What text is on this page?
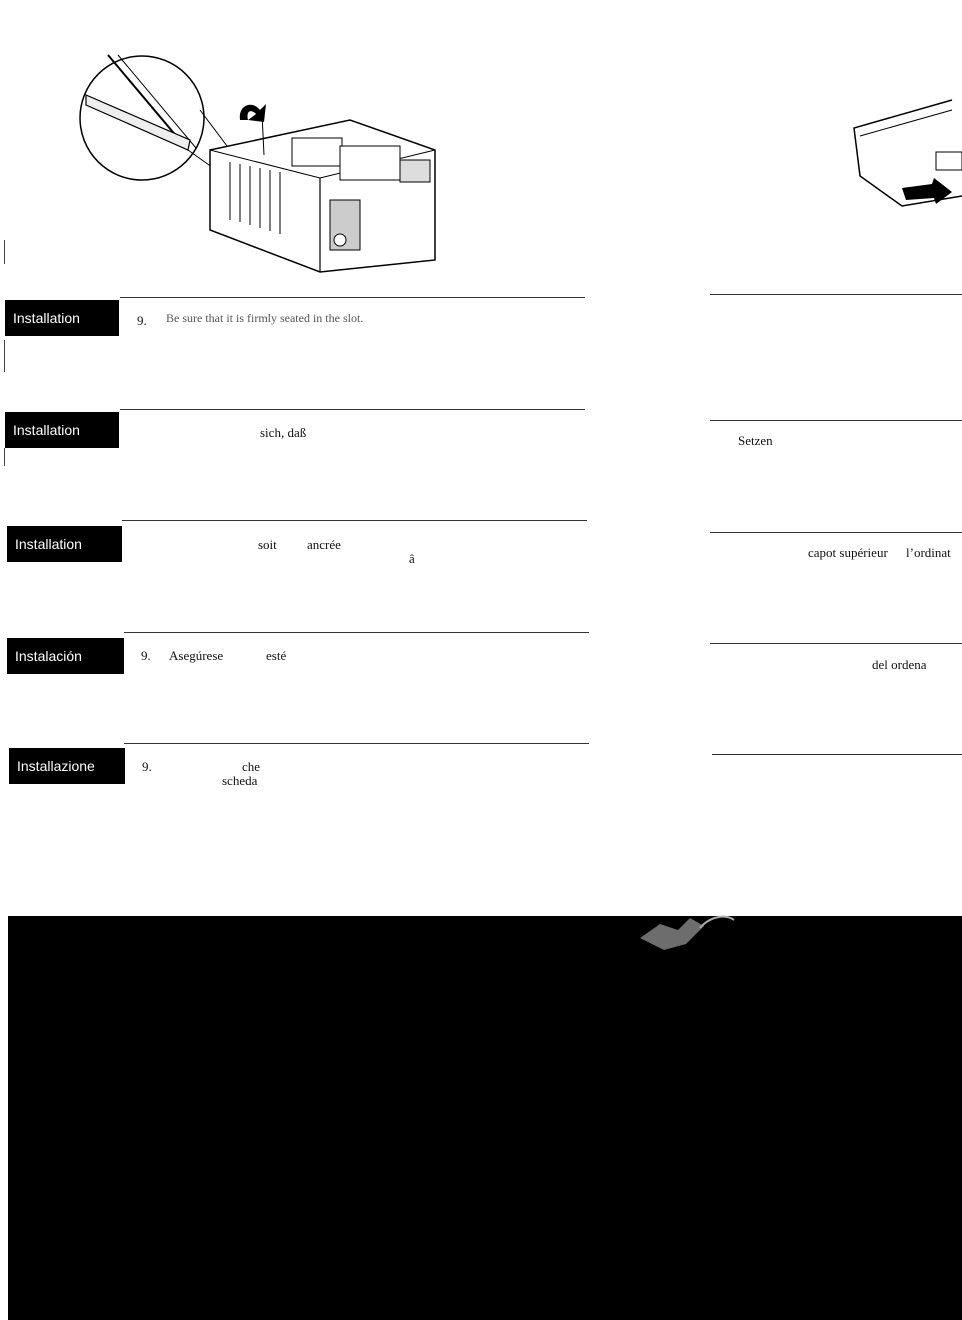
Installation	9. Be sure that it is firmly seated in the slot.
Installation	sich, daß
Installation	soit ancrée
â
Instalación	9. Asegúrese	esté
Installazione	9.	che
scheda
Setzen
capot supérieur l’ordinat
del ordena
